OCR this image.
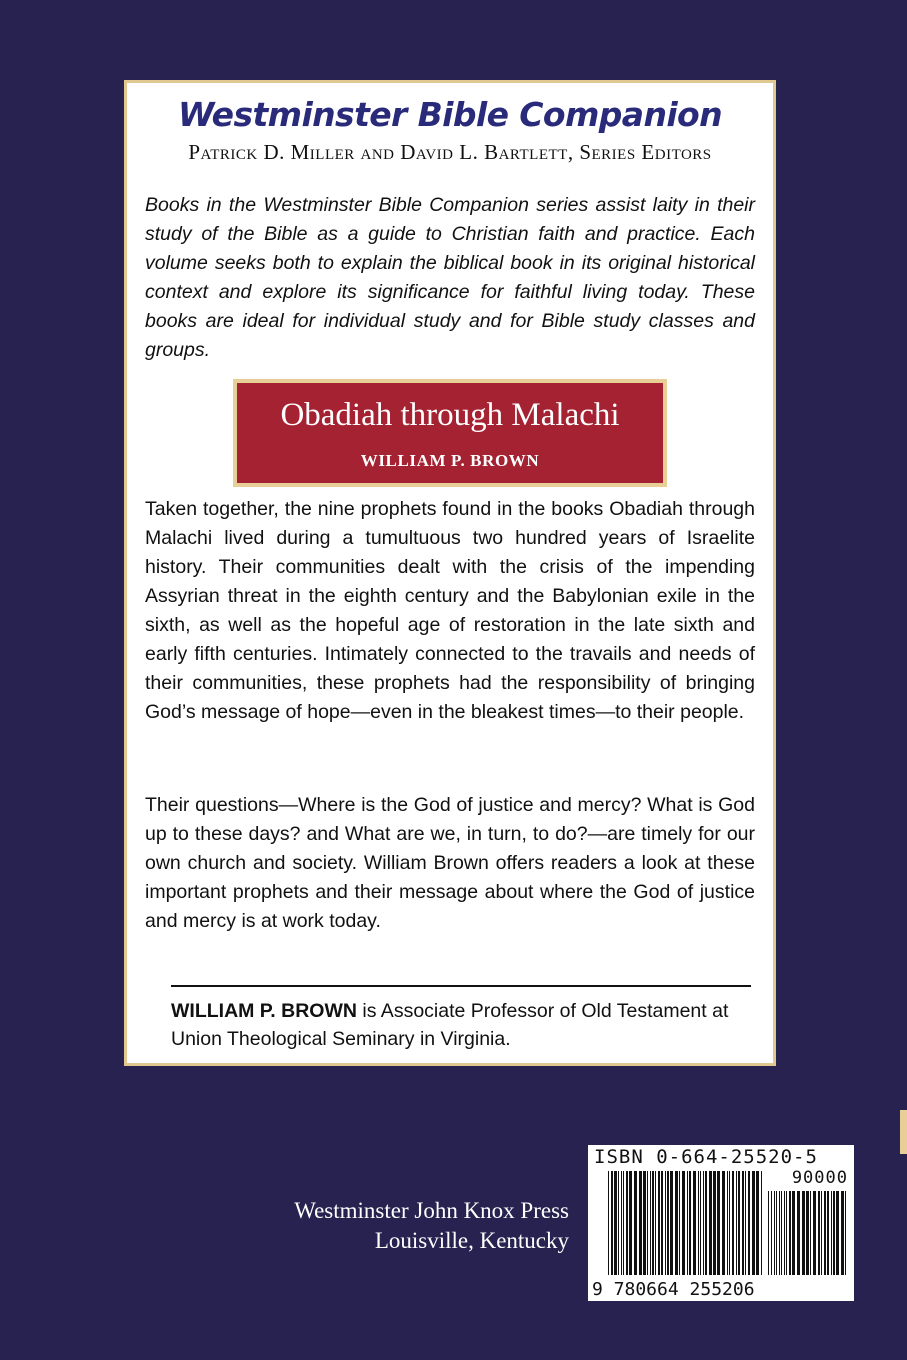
Westminster Bible Companion
Patrick D. Miller and David L. Bartlett, Series Editors

Books in the Westminster Bible Companion series assist laity in their study of the Bible as a guide to Christian faith and practice. Each volume seeks both to explain the biblical book in its original historical context and explore its significance for faithful living today. These books are ideal for individual study and for Bible study classes and groups.

Obadiah through Malachi
WILLIAM P. BROWN

Taken together, the nine prophets found in the books Obadiah through Malachi lived during a tumultuous two hundred years of Israelite history. Their communities dealt with the crisis of the impending Assyrian threat in the eighth century and the Babylonian exile in the sixth, as well as the hopeful age of restoration in the late sixth and early fifth centuries. Intimately connected to the travails and needs of their communities, these prophets had the responsibility of bringing God’s message of hope—even in the bleakest times—to their people.

Their questions—Where is the God of justice and mercy? What is God up to these days? and What are we, in turn, to do?—are timely for our own church and society. William Brown offers readers a look at these important prophets and their message about where the God of justice and mercy is at work today.

WILLIAM P. BROWN is Associate Professor of Old Testament at Union Theological Seminary in Virginia.

Westminster John Knox Press
Louisville, Kentucky
ISBN 0-664-25520-5
90000
9 780664 255206
